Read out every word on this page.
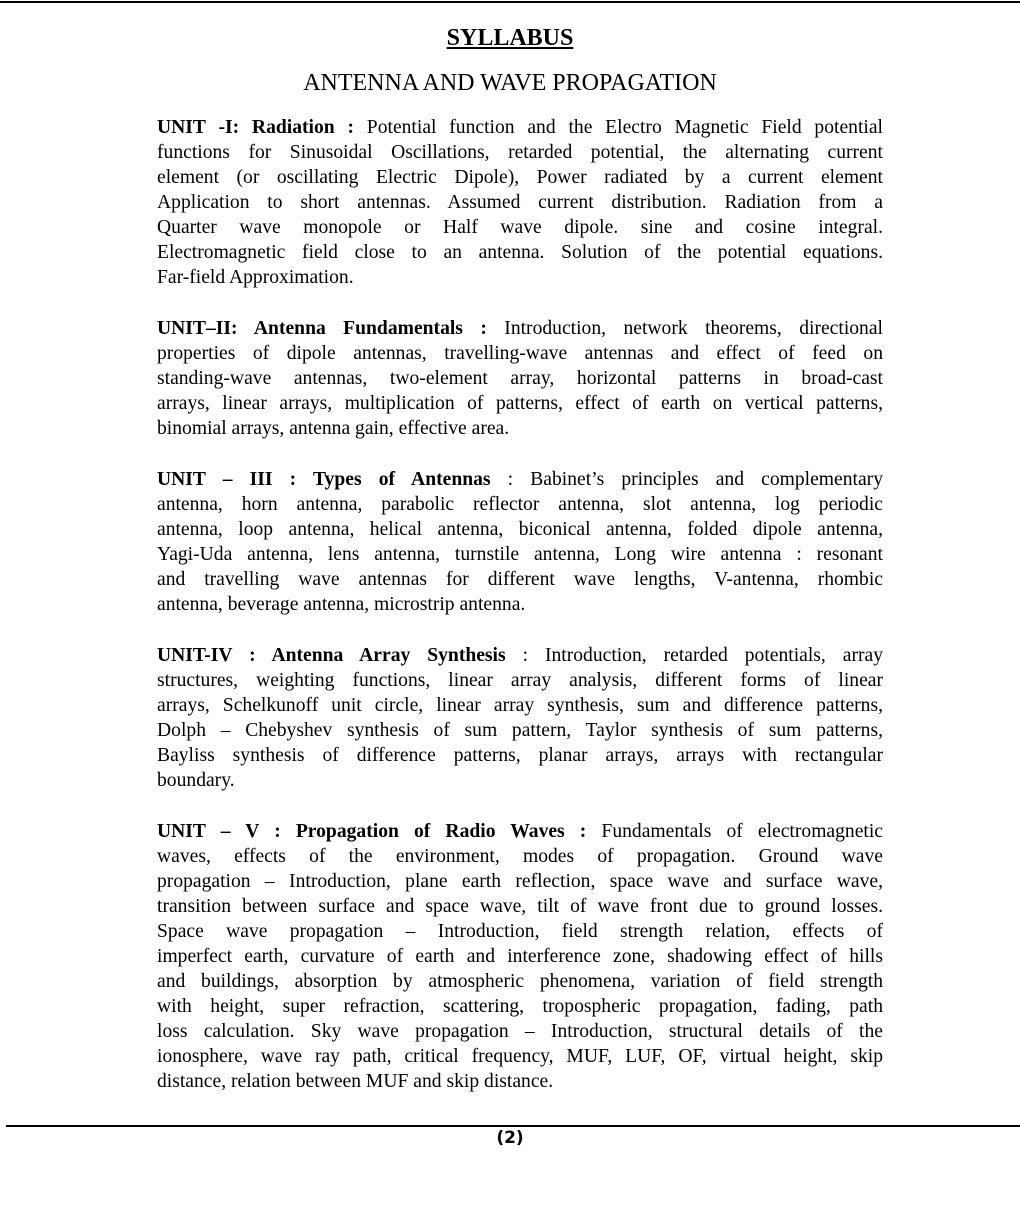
SYLLABUS
ANTENNA AND WAVE PROPAGATION
UNIT -I: Radiation : Potential function and the Electro Magnetic Field potential
functions for Sinusoidal Oscillations, retarded potential, the alternating current
element (or oscillating Electric Dipole), Power radiated by a current element
Application to short antennas. Assumed current distribution. Radiation from a
Quarter wave monopole or Half wave dipole. sine and cosine integral.
Electromagnetic field close to an antenna. Solution of the potential equations.
Far-field Approximation.
UNIT–II: Antenna Fundamentals : Introduction, network theorems, directional
properties of dipole antennas, travelling-wave antennas and effect of feed on
standing-wave antennas, two-element array, horizontal patterns in broad-cast
arrays, linear arrays, multiplication of patterns, effect of earth on vertical patterns,
binomial arrays, antenna gain, effective area.
UNIT – III : Types of Antennas : Babinet’s principles and complementary
antenna, horn antenna, parabolic reflector antenna, slot antenna, log periodic
antenna, loop antenna, helical antenna, biconical antenna, folded dipole antenna,
Yagi-Uda antenna, lens antenna, turnstile antenna, Long wire antenna : resonant
and travelling wave antennas for different wave lengths, V-antenna, rhombic
antenna, beverage antenna, microstrip antenna.
UNIT-IV : Antenna Array Synthesis : Introduction, retarded potentials, array
structures, weighting functions, linear array analysis, different forms of linear
arrays, Schelkunoff unit circle, linear array synthesis, sum and difference patterns,
Dolph – Chebyshev synthesis of sum pattern, Taylor synthesis of sum patterns,
Bayliss synthesis of difference patterns, planar arrays, arrays with rectangular
boundary.
UNIT – V : Propagation of Radio Waves : Fundamentals of electromagnetic
waves, effects of the environment, modes of propagation. Ground wave
propagation – Introduction, plane earth reflection, space wave and surface wave,
transition between surface and space wave, tilt of wave front due to ground losses.
Space wave propagation – Introduction, field strength relation, effects of
imperfect earth, curvature of earth and interference zone, shadowing effect of hills
and buildings, absorption by atmospheric phenomena, variation of field strength
with height, super refraction, scattering, tropospheric propagation, fading, path
loss calculation. Sky wave propagation – Introduction, structural details of the
ionosphere, wave ray path, critical frequency, MUF, LUF, OF, virtual height, skip
distance, relation between MUF and skip distance.
(2)
